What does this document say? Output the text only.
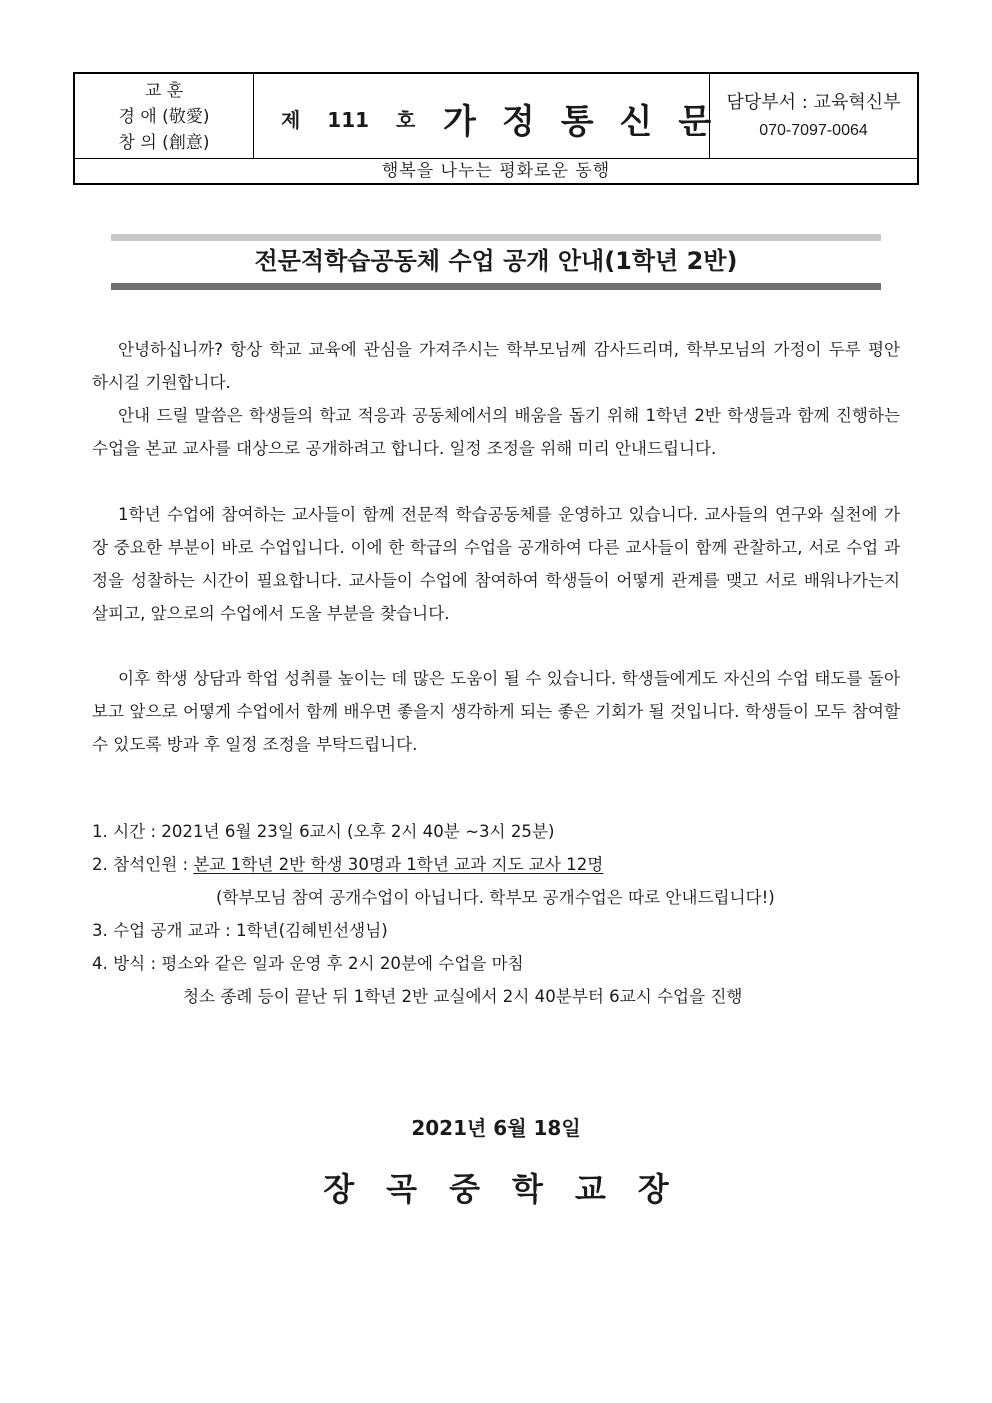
교 훈
경 애 (敬愛)
창 의 (創意)
제 111 호 가정통신문
담당부서 : 교육혁신부
070-7097-0064
행복을 나누는 평화로운 동행
전문적학습공동체 수업 공개 안내(1학년 2반)

안녕하십니까? 항상 학교 교육에 관심을 가져주시는 학부모님께 감사드리며, 학부모님의 가정이 두루 평안 하시길 기원합니다.

안내 드릴 말씀은 학생들의 학교 적응과 공동체에서의 배움을 돕기 위해 1학년 2반 학생들과 함께 진행하는 수업을 본교 교사를 대상으로 공개하려고 합니다. 일정 조정을 위해 미리 안내드립니다.

1학년 수업에 참여하는 교사들이 함께 전문적 학습공동체를 운영하고 있습니다. 교사들의 연구와 실천에 가장 중요한 부분이 바로 수업입니다. 이에 한 학급의 수업을 공개하여 다른 교사들이 함께 관찰하고, 서로 수업 과정을 성찰하는 시간이 필요합니다. 교사들이 수업에 참여하여 학생들이 어떻게 관계를 맺고 서로 배워나가는지 살피고, 앞으로의 수업에서 도울 부분을 찾습니다.

이후 학생 상담과 학업 성취를 높이는 데 많은 도움이 될 수 있습니다. 학생들에게도 자신의 수업 태도를 돌아보고 앞으로 어떻게 수업에서 함께 배우면 좋을지 생각하게 되는 좋은 기회가 될 것입니다. 학생들이 모두 참여할 수 있도록 방과 후 일정 조정을 부탁드립니다.

1. 시간 : 2021년 6월 23일 6교시 (오후 2시 40분 ~3시 25분)
2. 참석인원 : 본교 1학년 2반 학생 30명과 1학년 교과 지도 교사 12명
(학부모님 참여 공개수업이 아닙니다. 학부모 공개수업은 따로 안내드립니다!)
3. 수업 공개 교과 : 1학년(김혜빈선생님)
4. 방식 : 평소와 같은 일과 운영 후 2시 20분에 수업을 마침
청소 종례 등이 끝난 뒤 1학년 2반 교실에서 2시 40분부터 6교시 수업을 진행
2021년 6월 18일
장곡중학교장
